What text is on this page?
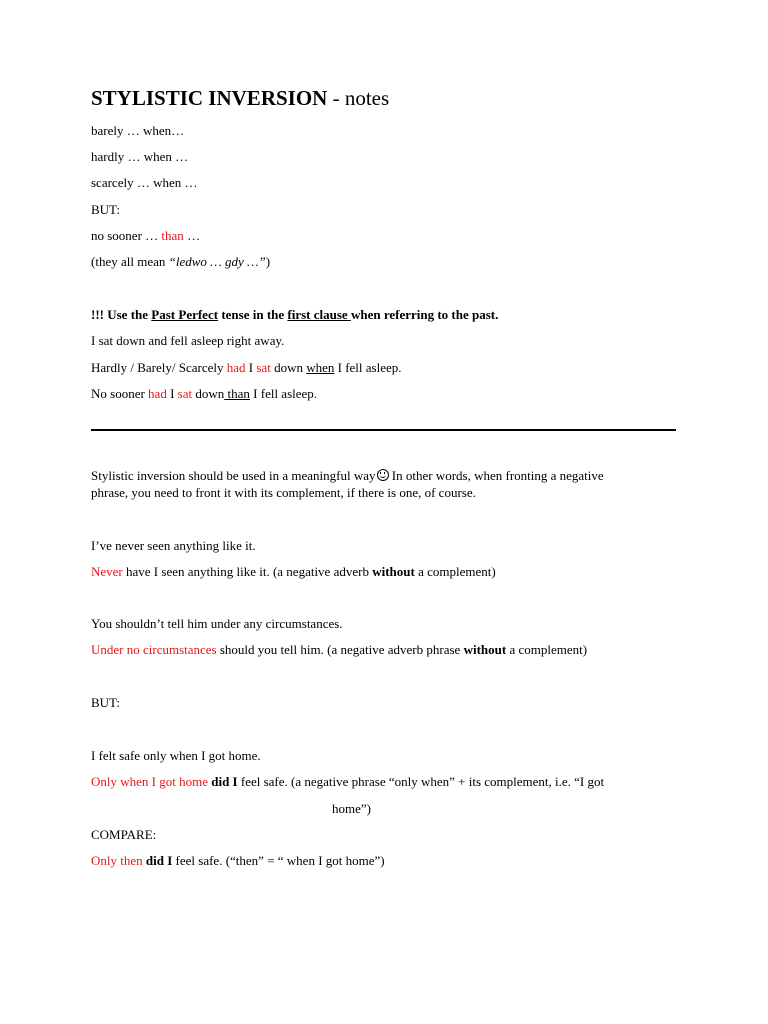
STYLISTIC INVERSION - notes
barely … when…
hardly … when …
scarcely … when …
BUT:
no sooner … than …
(they all mean “ledwo … gdy …”)
!!! Use the Past Perfect tense in the first clause when referring to the past.
I sat down and fell asleep right away.
Hardly / Barely/ Scarcely had I sat down when I fell asleep.
No sooner had I sat down than I fell asleep.
Stylistic inversion should be used in a meaningful way In other words, when fronting a negative
phrase, you need to front it with its complement, if there is one, of course.
I’ve never seen anything like it.
Never have I seen anything like it. (a negative adverb without a complement)
You shouldn’t tell him under any circumstances.
Under no circumstances should you tell him. (a negative adverb phrase without a complement)
BUT:
I felt safe only when I got home.
Only when I got home did I feel safe. (a negative phrase “only when” + its complement, i.e. “I got
home”)
COMPARE:
Only then did I feel safe. (“then” = “ when I got home”)
